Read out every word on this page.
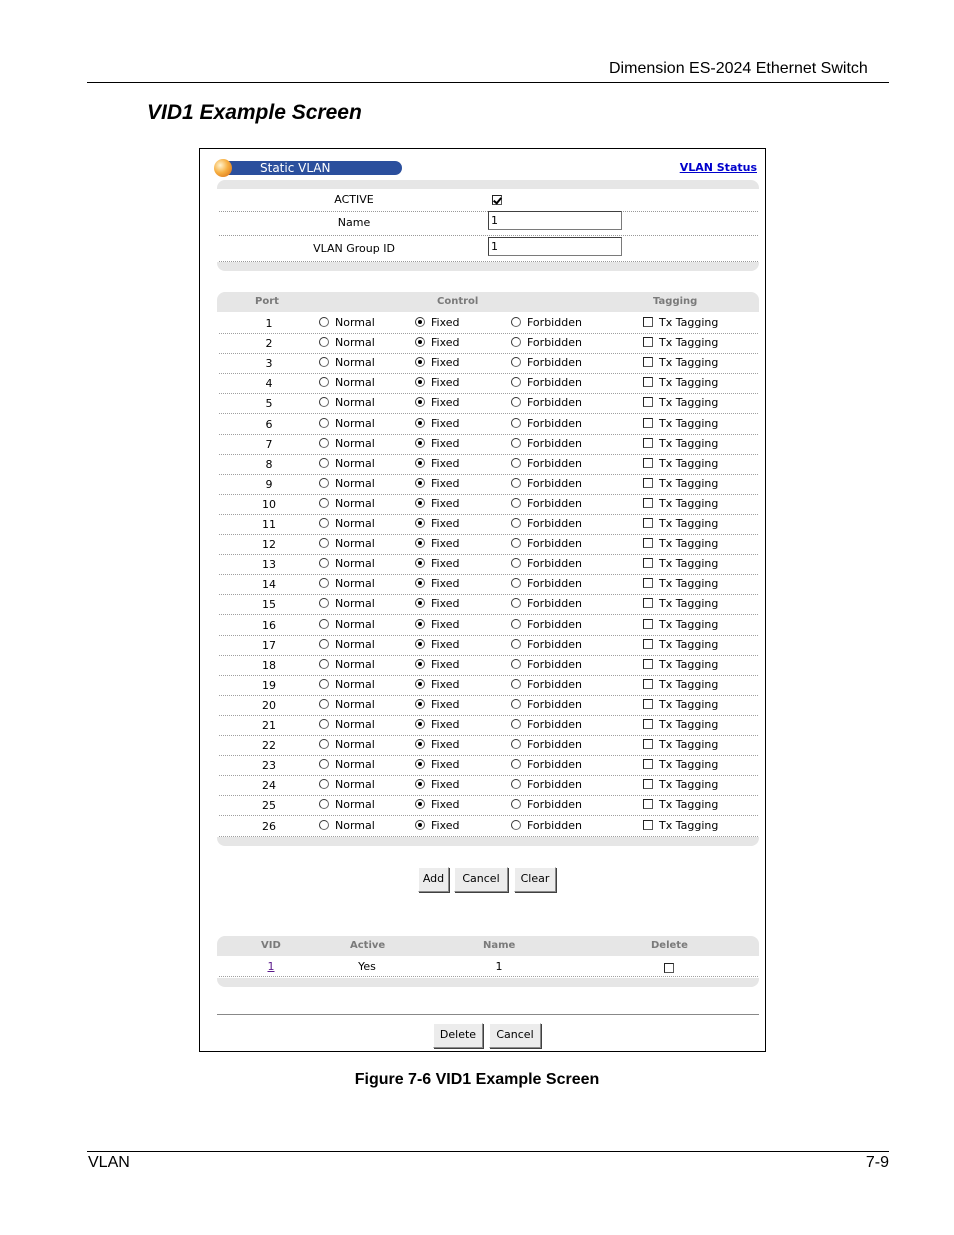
Dimension ES-2024 Ethernet Switch
VID1 Example Screen
Static VLAN	VLAN Status
ACTIVE
Name
1
VLAN Group ID
1
Port	Control	Tagging
1	Normal	Fixed	Forbidden	Tx Tagging
2	Normal	Fixed	Forbidden	Tx Tagging
3	Normal	Fixed	Forbidden	Tx Tagging
4	Normal	Fixed	Forbidden	Tx Tagging
5	Normal	Fixed	Forbidden	Tx Tagging
6	Normal	Fixed	Forbidden	Tx Tagging
7	Normal	Fixed	Forbidden	Tx Tagging
8	Normal	Fixed	Forbidden	Tx Tagging
9	Normal	Fixed	Forbidden	Tx Tagging
10	Normal	Fixed	Forbidden	Tx Tagging
11	Normal	Fixed	Forbidden	Tx Tagging
12	Normal	Fixed	Forbidden	Tx Tagging
13	Normal	Fixed	Forbidden	Tx Tagging
14	Normal	Fixed	Forbidden	Tx Tagging
15	Normal	Fixed	Forbidden	Tx Tagging
16	Normal	Fixed	Forbidden	Tx Tagging
17	Normal	Fixed	Forbidden	Tx Tagging
18	Normal	Fixed	Forbidden	Tx Tagging
19	Normal	Fixed	Forbidden	Tx Tagging
20	Normal	Fixed	Forbidden	Tx Tagging
21	Normal	Fixed	Forbidden	Tx Tagging
22	Normal	Fixed	Forbidden	Tx Tagging
23	Normal	Fixed	Forbidden	Tx Tagging
24	Normal	Fixed	Forbidden	Tx Tagging
25	Normal	Fixed	Forbidden	Tx Tagging
26	Normal	Fixed	Forbidden	Tx Tagging
Add	Cancel	Clear
VID	Active	Name	Delete
1	Yes	1
Delete	Cancel
Figure 7-6 VID1 Example Screen
VLAN	7-9
